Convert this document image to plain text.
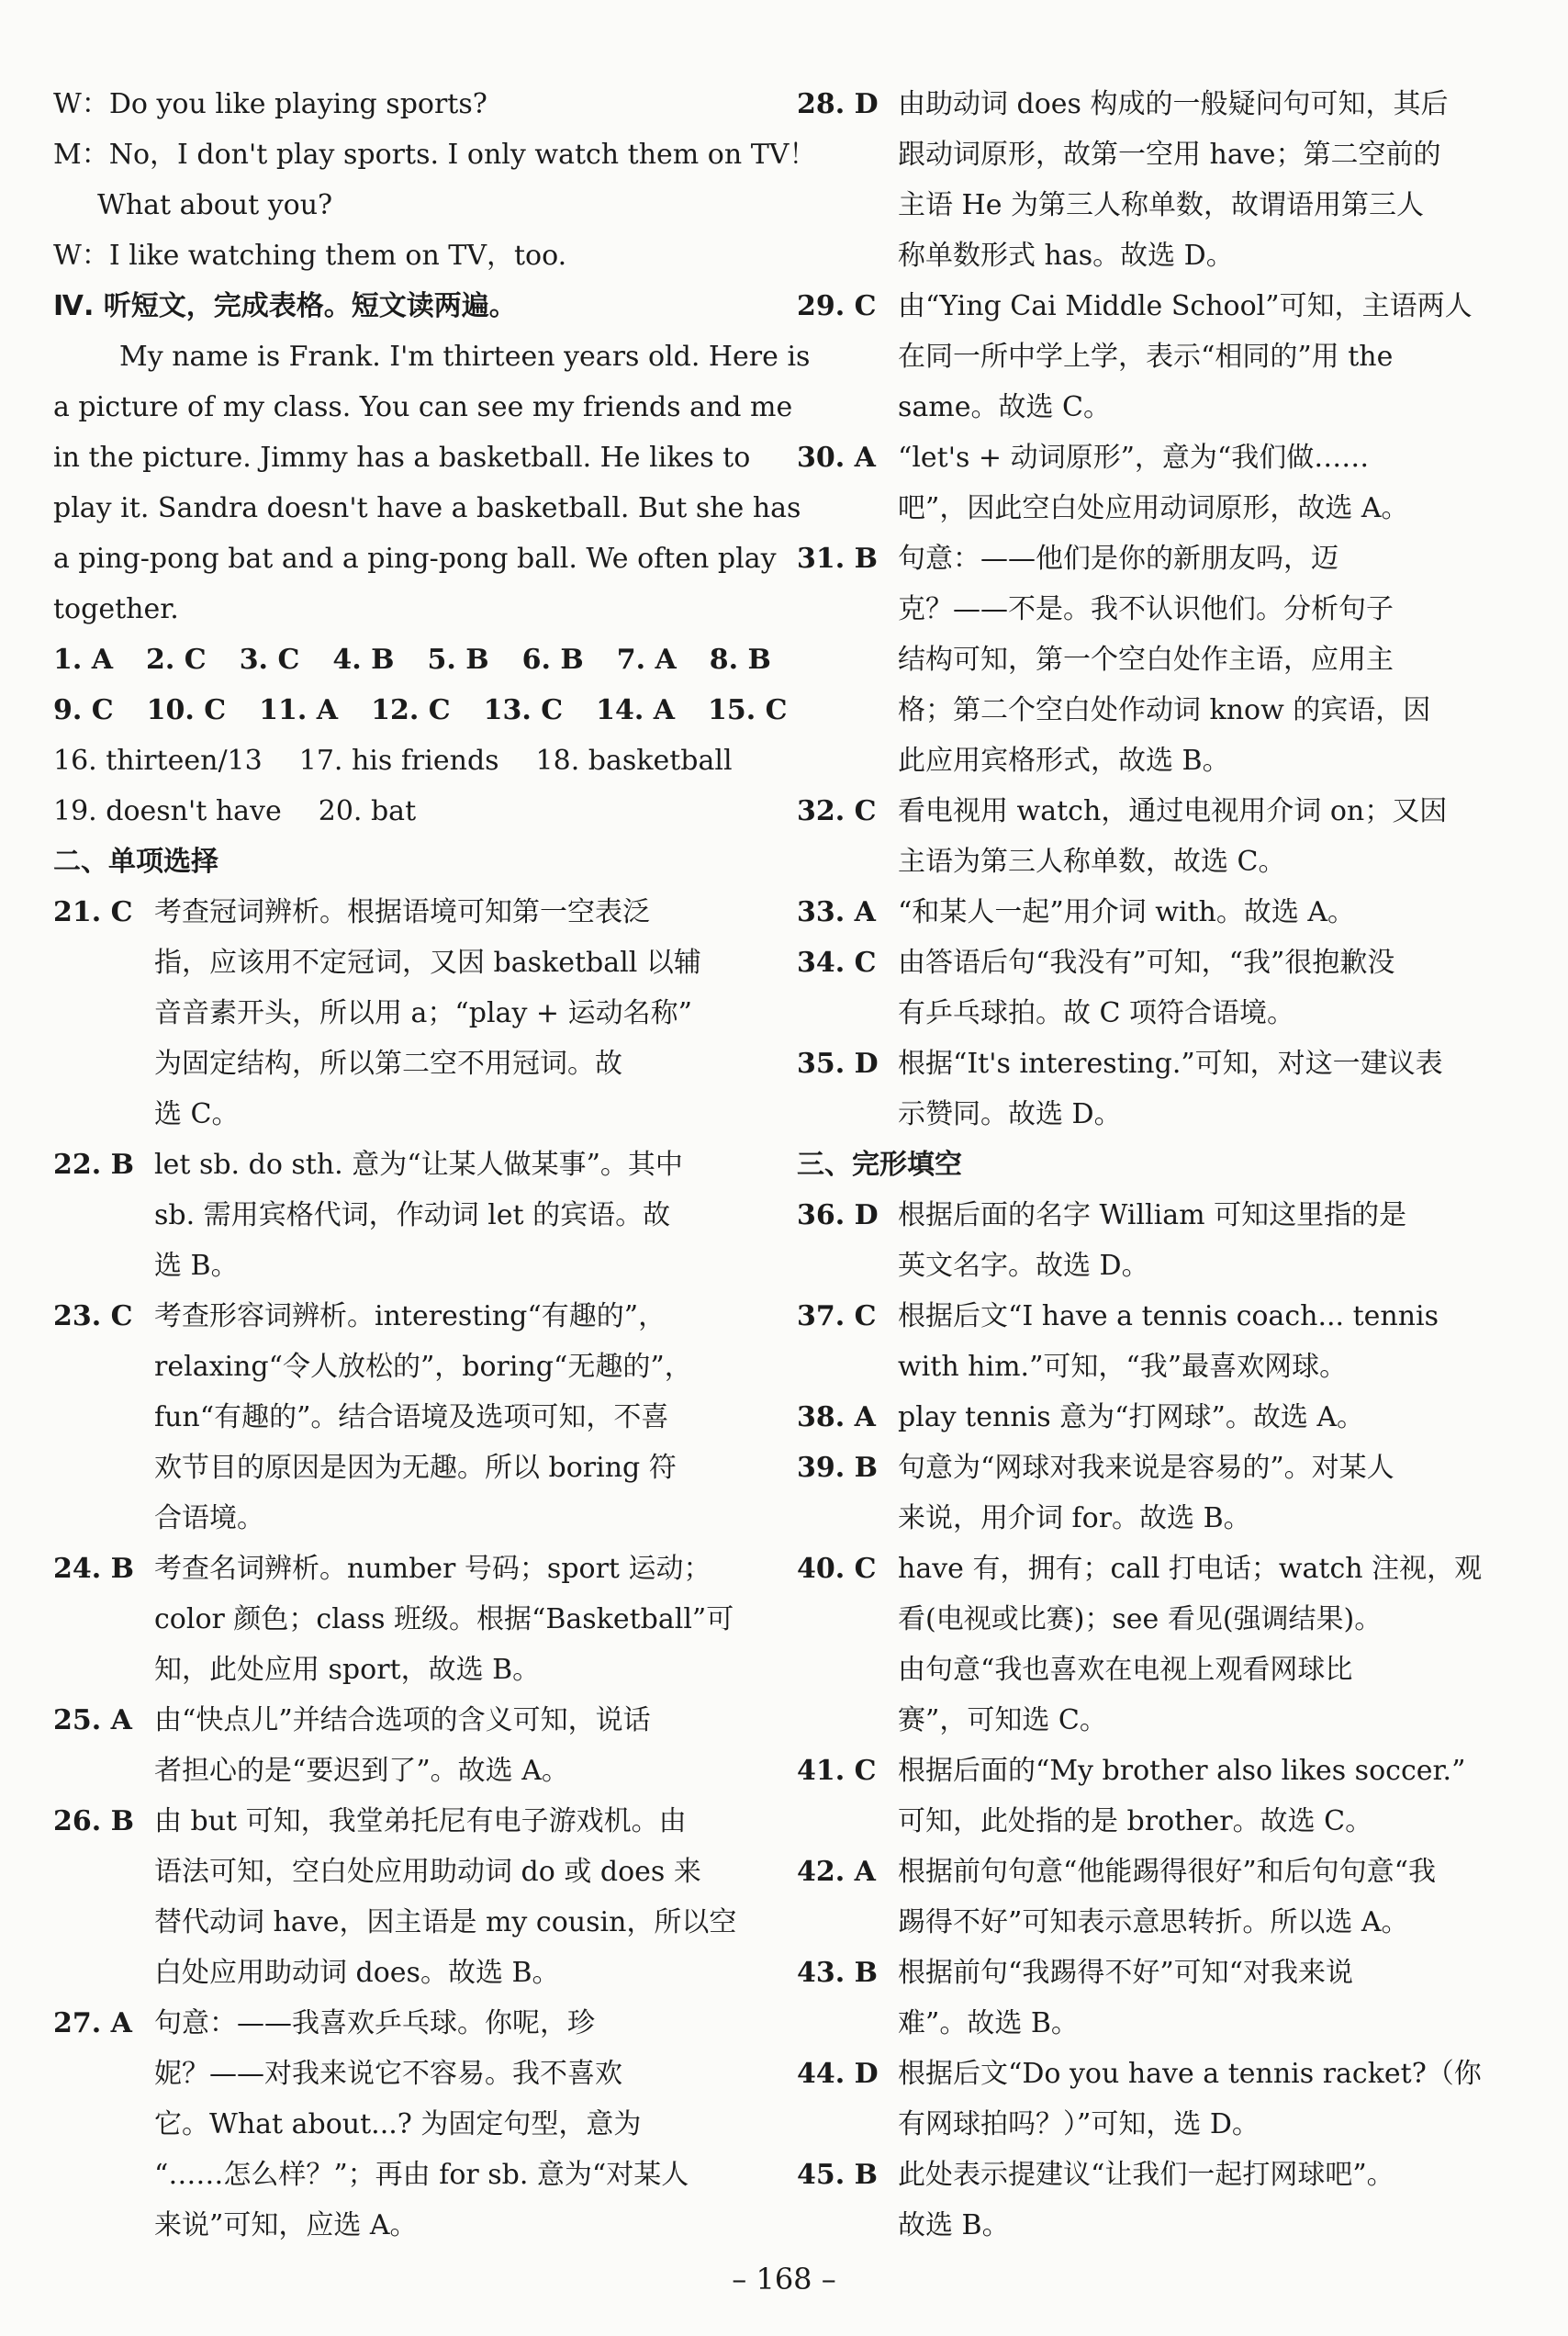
W：Do you like playing sports?
M：No，I don't play sports. I only watch them on TV！
What about you?
W：I like watching them on TV，too.
Ⅳ. 听短文，完成表格。短文读两遍。
My name is Frank. I'm thirteen years old. Here is
a picture of my class. You can see my friends and me
in the picture. Jimmy has a basketball. He likes to
play it. Sandra doesn't have a basketball. But she has
a ping-pong bat and a ping-pong ball. We often play
together.
1. A 2. C 3. C 4. B 5. B 6. B 7. A 8. B
9. C 10. C 11. A 12. C 13. C 14. A 15. C
16. thirteen/13 17. his friends 18. basketball
19. doesn't have 20. bat
二、单项选择
21. C 考查冠词辨析。根据语境可知第一空表泛
指，应该用不定冠词，又因 basketball 以辅
音音素开头，所以用 a；“play + 运动名称”
为固定结构，所以第二空不用冠词。故
选 C。
22. B let sb. do sth. 意为“让某人做某事”。其中
sb. 需用宾格代词，作动词 let 的宾语。故
选 B。
23. C 考查形容词辨析。interesting“有趣的”，
relaxing“令人放松的”，boring“无趣的”，
fun“有趣的”。结合语境及选项可知，不喜
欢节目的原因是因为无趣。所以 boring 符
合语境。
24. B 考查名词辨析。number 号码；sport 运动；
color 颜色；class 班级。根据“Basketball”可
知，此处应用 sport，故选 B。
25. A 由“快点儿”并结合选项的含义可知，说话
者担心的是“要迟到了”。故选 A。
26. B 由 but 可知，我堂弟托尼有电子游戏机。由
语法可知，空白处应用助动词 do 或 does 来
替代动词 have，因主语是 my cousin，所以空
白处应用助动词 does。故选 B。
27. A 句意：——我喜欢乒乓球。你呢，珍
妮？——对我来说它不容易。我不喜欢
它。What about...? 为固定句型，意为
“……怎么样？”；再由 for sb. 意为“对某人
来说”可知，应选 A。
28. D 由助动词 does 构成的一般疑问句可知，其后
跟动词原形，故第一空用 have；第二空前的
主语 He 为第三人称单数，故谓语用第三人
称单数形式 has。故选 D。
29. C 由“Ying Cai Middle School”可知，主语两人
在同一所中学上学，表示“相同的”用 the
same。故选 C。
30. A “let's + 动词原形”，意为“我们做……
吧”，因此空白处应用动词原形，故选 A。
31. B 句意：——他们是你的新朋友吗，迈
克？——不是。我不认识他们。分析句子
结构可知，第一个空白处作主语，应用主
格；第二个空白处作动词 know 的宾语，因
此应用宾格形式，故选 B。
32. C 看电视用 watch，通过电视用介词 on；又因
主语为第三人称单数，故选 C。
33. A “和某人一起”用介词 with。故选 A。
34. C 由答语后句“我没有”可知，“我”很抱歉没
有乒乓球拍。故 C 项符合语境。
35. D 根据“It's interesting.”可知，对这一建议表
示赞同。故选 D。
三、完形填空
36. D 根据后面的名字 William 可知这里指的是
英文名字。故选 D。
37. C 根据后文“I have a tennis coach... tennis
with him.”可知，“我”最喜欢网球。
38. A play tennis 意为“打网球”。故选 A。
39. B 句意为“网球对我来说是容易的”。对某人
来说，用介词 for。故选 B。
40. C have 有，拥有；call 打电话；watch 注视，观
看(电视或比赛)；see 看见(强调结果)。
由句意“我也喜欢在电视上观看网球比
赛”，可知选 C。
41. C 根据后面的“My brother also likes soccer.”
可知，此处指的是 brother。故选 C。
42. A 根据前句句意“他能踢得很好”和后句句意“我
踢得不好”可知表示意思转折。所以选 A。
43. B 根据前句“我踢得不好”可知“对我来说
难”。故选 B。
44. D 根据后文“Do you have a tennis racket?（你
有网球拍吗？）”可知，选 D。
45. B 此处表示提建议“让我们一起打网球吧”。
故选 B。
– 168 –
